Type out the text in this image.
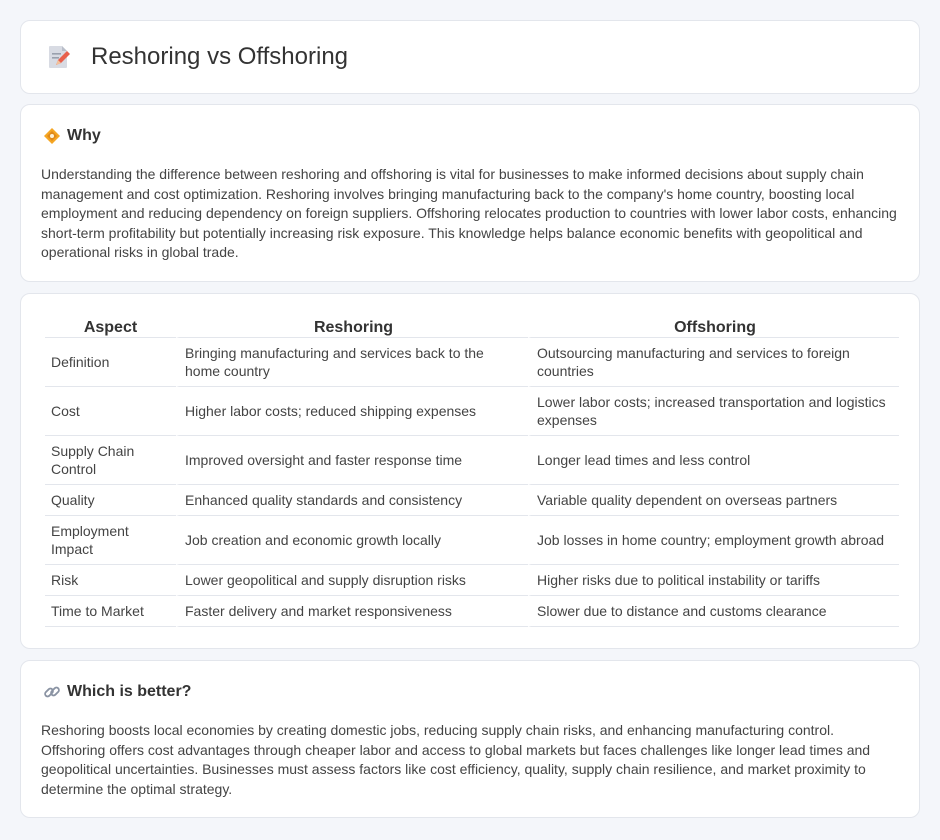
Reshoring vs Offshoring
Why

Understanding the difference between reshoring and offshoring is vital for businesses to make informed decisions about supply chain management and cost optimization. Reshoring involves bringing manufacturing back to the company's home country, boosting local employment and reducing dependency on foreign suppliers. Offshoring relocates production to countries with lower labor costs, enhancing short-term profitability but potentially increasing risk exposure. This knowledge helps balance economic benefits with geopolitical and operational risks in global trade.

Aspect	Reshoring	Offshoring
Definition	Bringing manufacturing and services back to the home country	Outsourcing manufacturing and services to foreign countries
Cost	Higher labor costs; reduced shipping expenses	Lower labor costs; increased transportation and logistics expenses
Supply Chain Control	Improved oversight and faster response time	Longer lead times and less control
Quality	Enhanced quality standards and consistency	Variable quality dependent on overseas partners
Employment Impact	Job creation and economic growth locally	Job losses in home country; employment growth abroad
Risk	Lower geopolitical and supply disruption risks	Higher risks due to political instability or tariffs
Time to Market	Faster delivery and market responsiveness	Slower due to distance and customs clearance
Which is better?

Reshoring boosts local economies by creating domestic jobs, reducing supply chain risks, and enhancing manufacturing control. Offshoring offers cost advantages through cheaper labor and access to global markets but faces challenges like longer lead times and geopolitical uncertainties. Businesses must assess factors like cost efficiency, quality, supply chain resilience, and market proximity to determine the optimal strategy.
